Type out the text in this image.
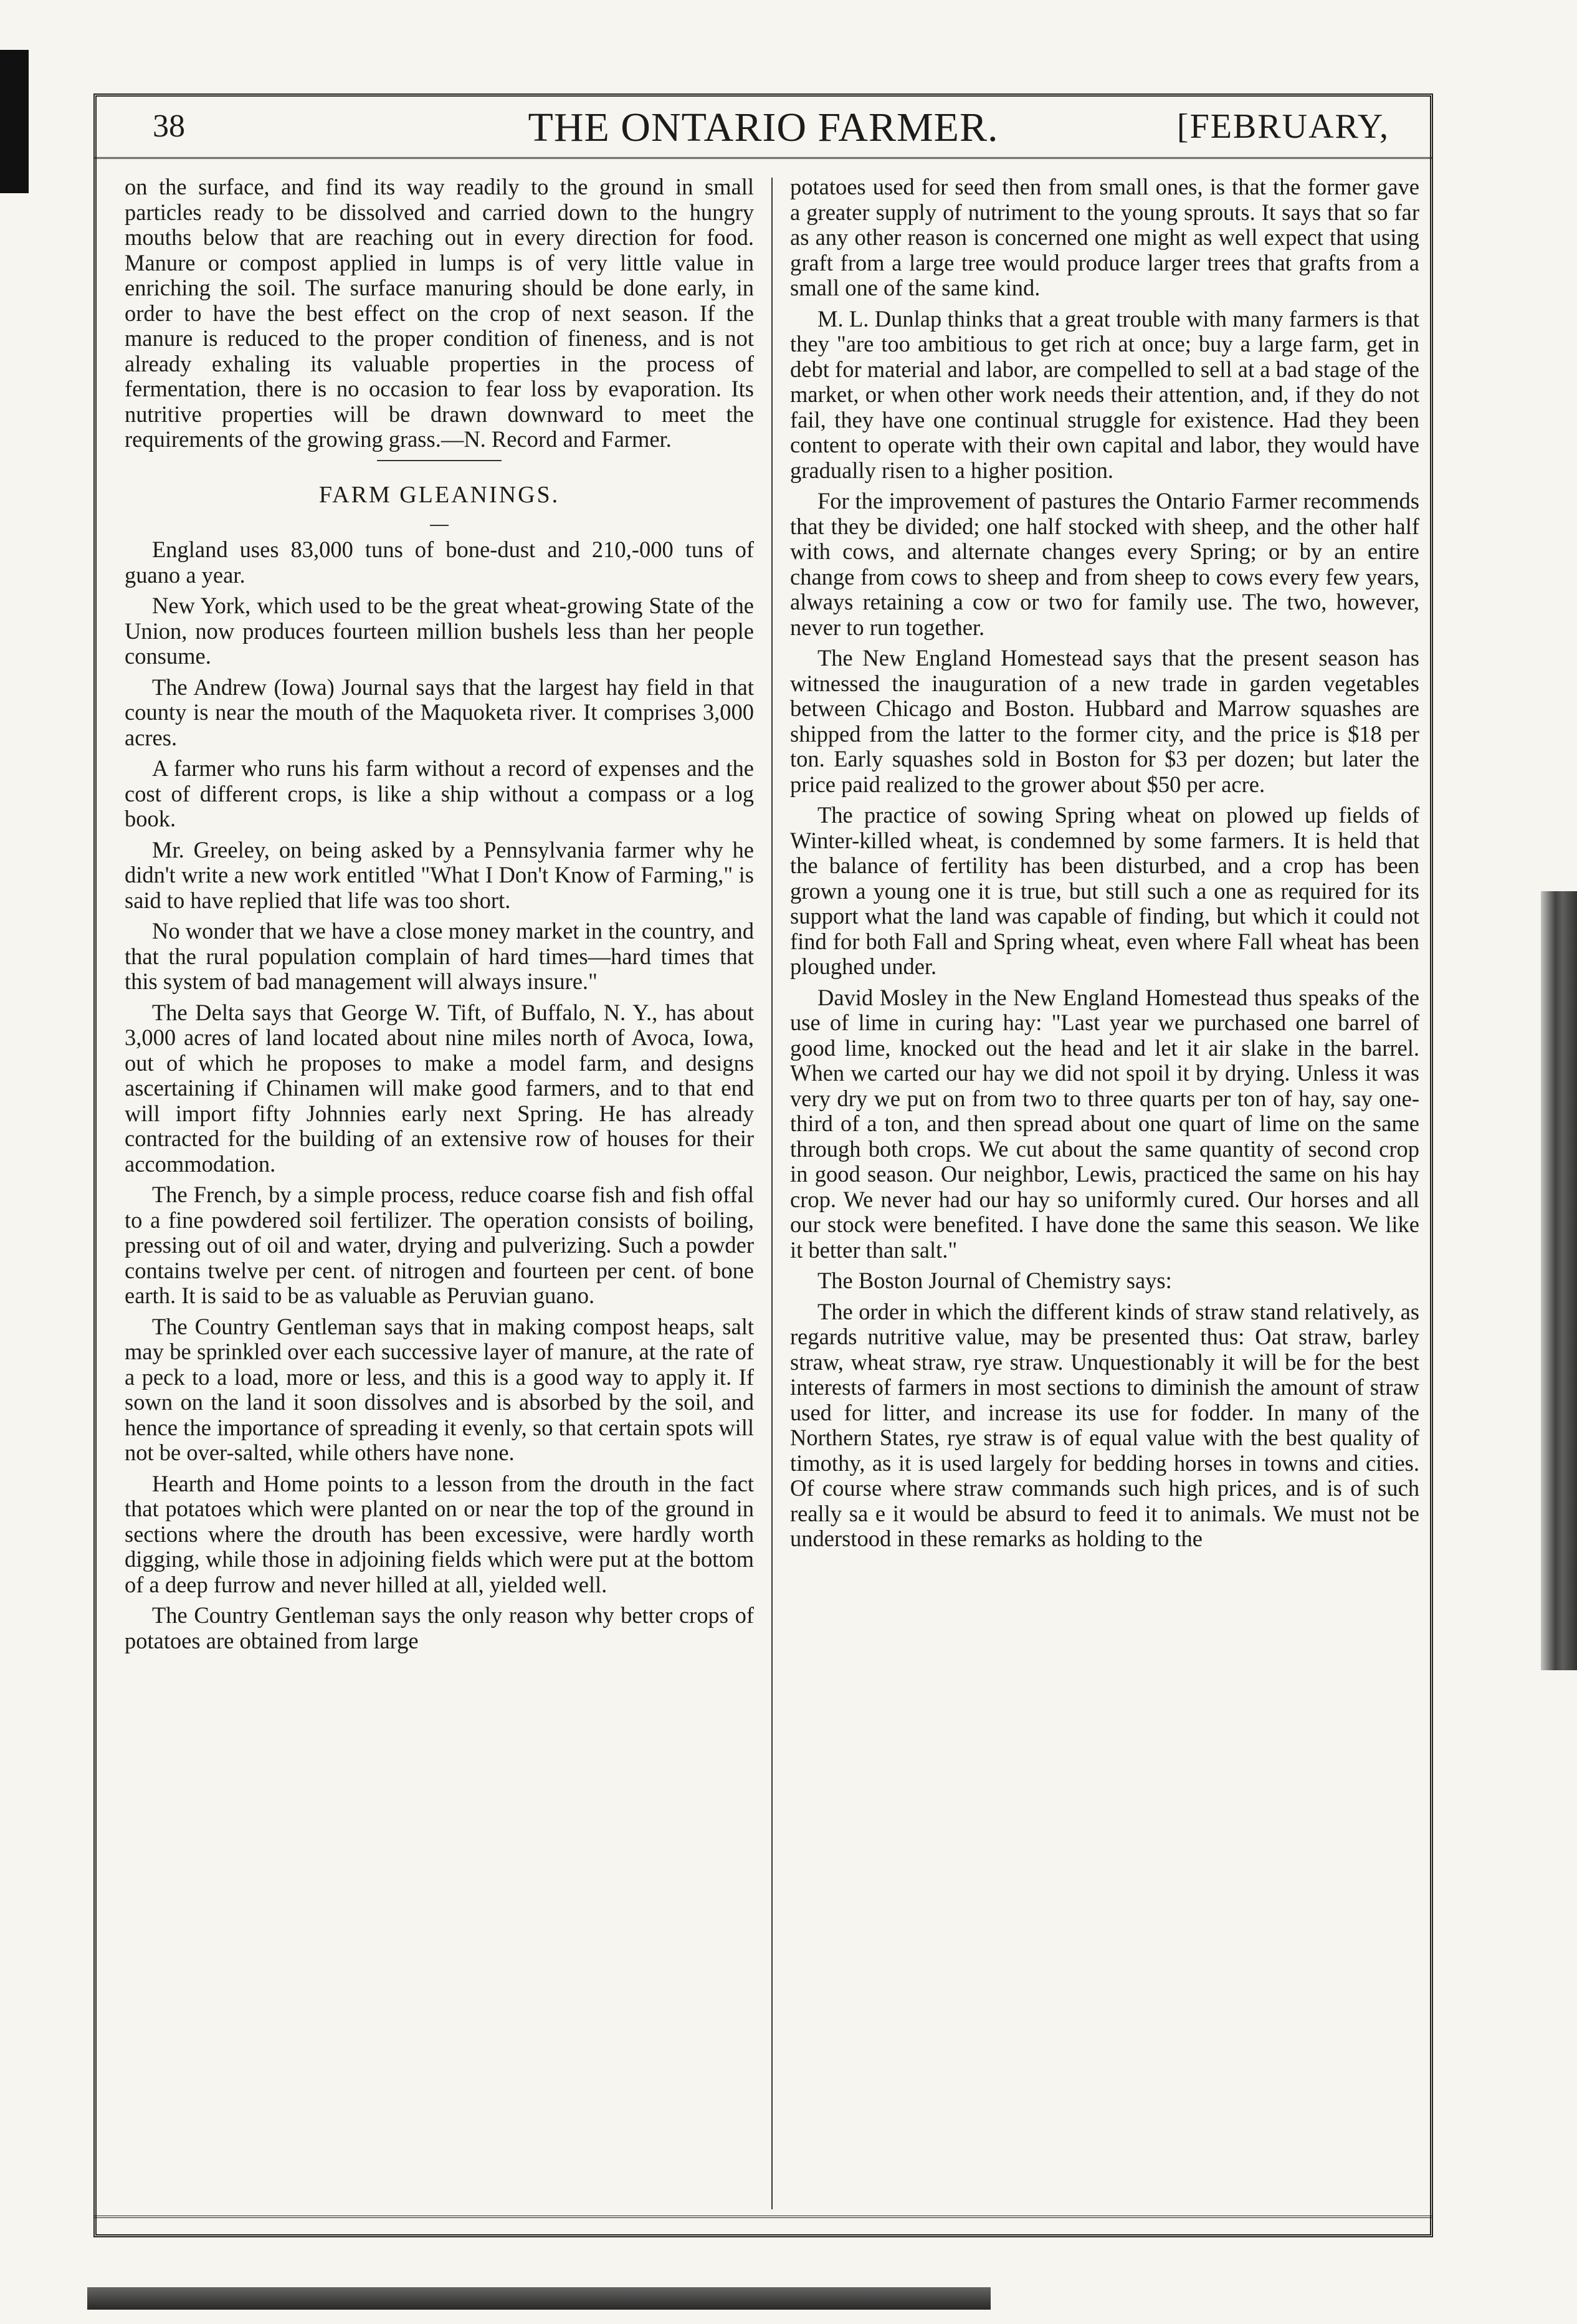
38	THE ONTARIO FARMER.	[FEBRUARY,

on the surface, and find its way readily to the ground in small particles ready to be dissolved and carried down to the hungry mouths below that are reaching out in every direction for food. Manure or compost applied in lumps is of very little value in enriching the soil. The surface manuring should be done early, in order to have the best effect on the crop of next season. If the manure is reduced to the proper condition of fineness, and is not already exhaling its valuable properties in the process of fermentation, there is no occasion to fear loss by evaporation. Its nutritive properties will be drawn downward to meet the requirements of the growing grass.—N. Record and Farmer.

FARM GLEANINGS.

England uses 83,000 tuns of bone-dust and 210,-000 tuns of guano a year.

New York, which used to be the great wheat-growing State of the Union, now produces fourteen million bushels less than her people consume.

The Andrew (Iowa) Journal says that the largest hay field in that county is near the mouth of the Maquoketa river. It comprises 3,000 acres.

A farmer who runs his farm without a record of expenses and the cost of different crops, is like a ship without a compass or a log book.

Mr. Greeley, on being asked by a Pennsylvania farmer why he didn't write a new work entitled "What I Don't Know of Farming," is said to have replied that life was too short.

No wonder that we have a close money market in the country, and that the rural population complain of hard times—hard times that this system of bad management will always insure."

The Delta says that George W. Tift, of Buffalo, N. Y., has about 3,000 acres of land located about nine miles north of Avoca, Iowa, out of which he proposes to make a model farm, and designs ascertaining if Chinamen will make good farmers, and to that end will import fifty Johnnies early next Spring. He has already contracted for the building of an extensive row of houses for their accommodation.

The French, by a simple process, reduce coarse fish and fish offal to a fine powdered soil fertilizer. The operation consists of boiling, pressing out of oil and water, drying and pulverizing. Such a powder contains twelve per cent. of nitrogen and fourteen per cent. of bone earth. It is said to be as valuable as Peruvian guano.

The Country Gentleman says that in making compost heaps, salt may be sprinkled over each successive layer of manure, at the rate of a peck to a load, more or less, and this is a good way to apply it. If sown on the land it soon dissolves and is absorbed by the soil, and hence the importance of spreading it evenly, so that certain spots will not be over-salted, while others have none.

Hearth and Home points to a lesson from the drouth in the fact that potatoes which were planted on or near the top of the ground in sections where the drouth has been excessive, were hardly worth digging, while those in adjoining fields which were put at the bottom of a deep furrow and never hilled at all, yielded well.

The Country Gentleman says the only reason why better crops of potatoes are obtained from large

potatoes used for seed then from small ones, is that the former gave a greater supply of nutriment to the young sprouts. It says that so far as any other reason is concerned one might as well expect that using graft from a large tree would produce larger trees that grafts from a small one of the same kind.

M. L. Dunlap thinks that a great trouble with many farmers is that they "are too ambitious to get rich at once; buy a large farm, get in debt for material and labor, are compelled to sell at a bad stage of the market, or when other work needs their attention, and, if they do not fail, they have one continual struggle for existence. Had they been content to operate with their own capital and labor, they would have gradually risen to a higher position.

For the improvement of pastures the Ontario Farmer recommends that they be divided; one half stocked with sheep, and the other half with cows, and alternate changes every Spring; or by an entire change from cows to sheep and from sheep to cows every few years, always retaining a cow or two for family use. The two, however, never to run together.

The New England Homestead says that the present season has witnessed the inauguration of a new trade in garden vegetables between Chicago and Boston. Hubbard and Marrow squashes are shipped from the latter to the former city, and the price is $18 per ton. Early squashes sold in Boston for $3 per dozen; but later the price paid realized to the grower about $50 per acre.

The practice of sowing Spring wheat on plowed up fields of Winter-killed wheat, is condemned by some farmers. It is held that the balance of fertility has been disturbed, and a crop has been grown a young one it is true, but still such a one as required for its support what the land was capable of finding, but which it could not find for both Fall and Spring wheat, even where Fall wheat has been ploughed under.

David Mosley in the New England Homestead thus speaks of the use of lime in curing hay: "Last year we purchased one barrel of good lime, knocked out the head and let it air slake in the barrel. When we carted our hay we did not spoil it by drying. Unless it was very dry we put on from two to three quarts per ton of hay, say one-third of a ton, and then spread about one quart of lime on the same through both crops. We cut about the same quantity of second crop in good season. Our neighbor, Lewis, practiced the same on his hay crop. We never had our hay so uniformly cured. Our horses and all our stock were benefited. I have done the same this season. We like it better than salt."

The Boston Journal of Chemistry says:

The order in which the different kinds of straw stand relatively, as regards nutritive value, may be presented thus: Oat straw, barley straw, wheat straw, rye straw. Unquestionably it will be for the best interests of farmers in most sections to diminish the amount of straw used for litter, and increase its use for fodder. In many of the Northern States, rye straw is of equal value with the best quality of timothy, as it is used largely for bedding horses in towns and cities. Of course where straw commands such high prices, and is of such really sa e it would be absurd to feed it to animals. We must not be understood in these remarks as holding to the
